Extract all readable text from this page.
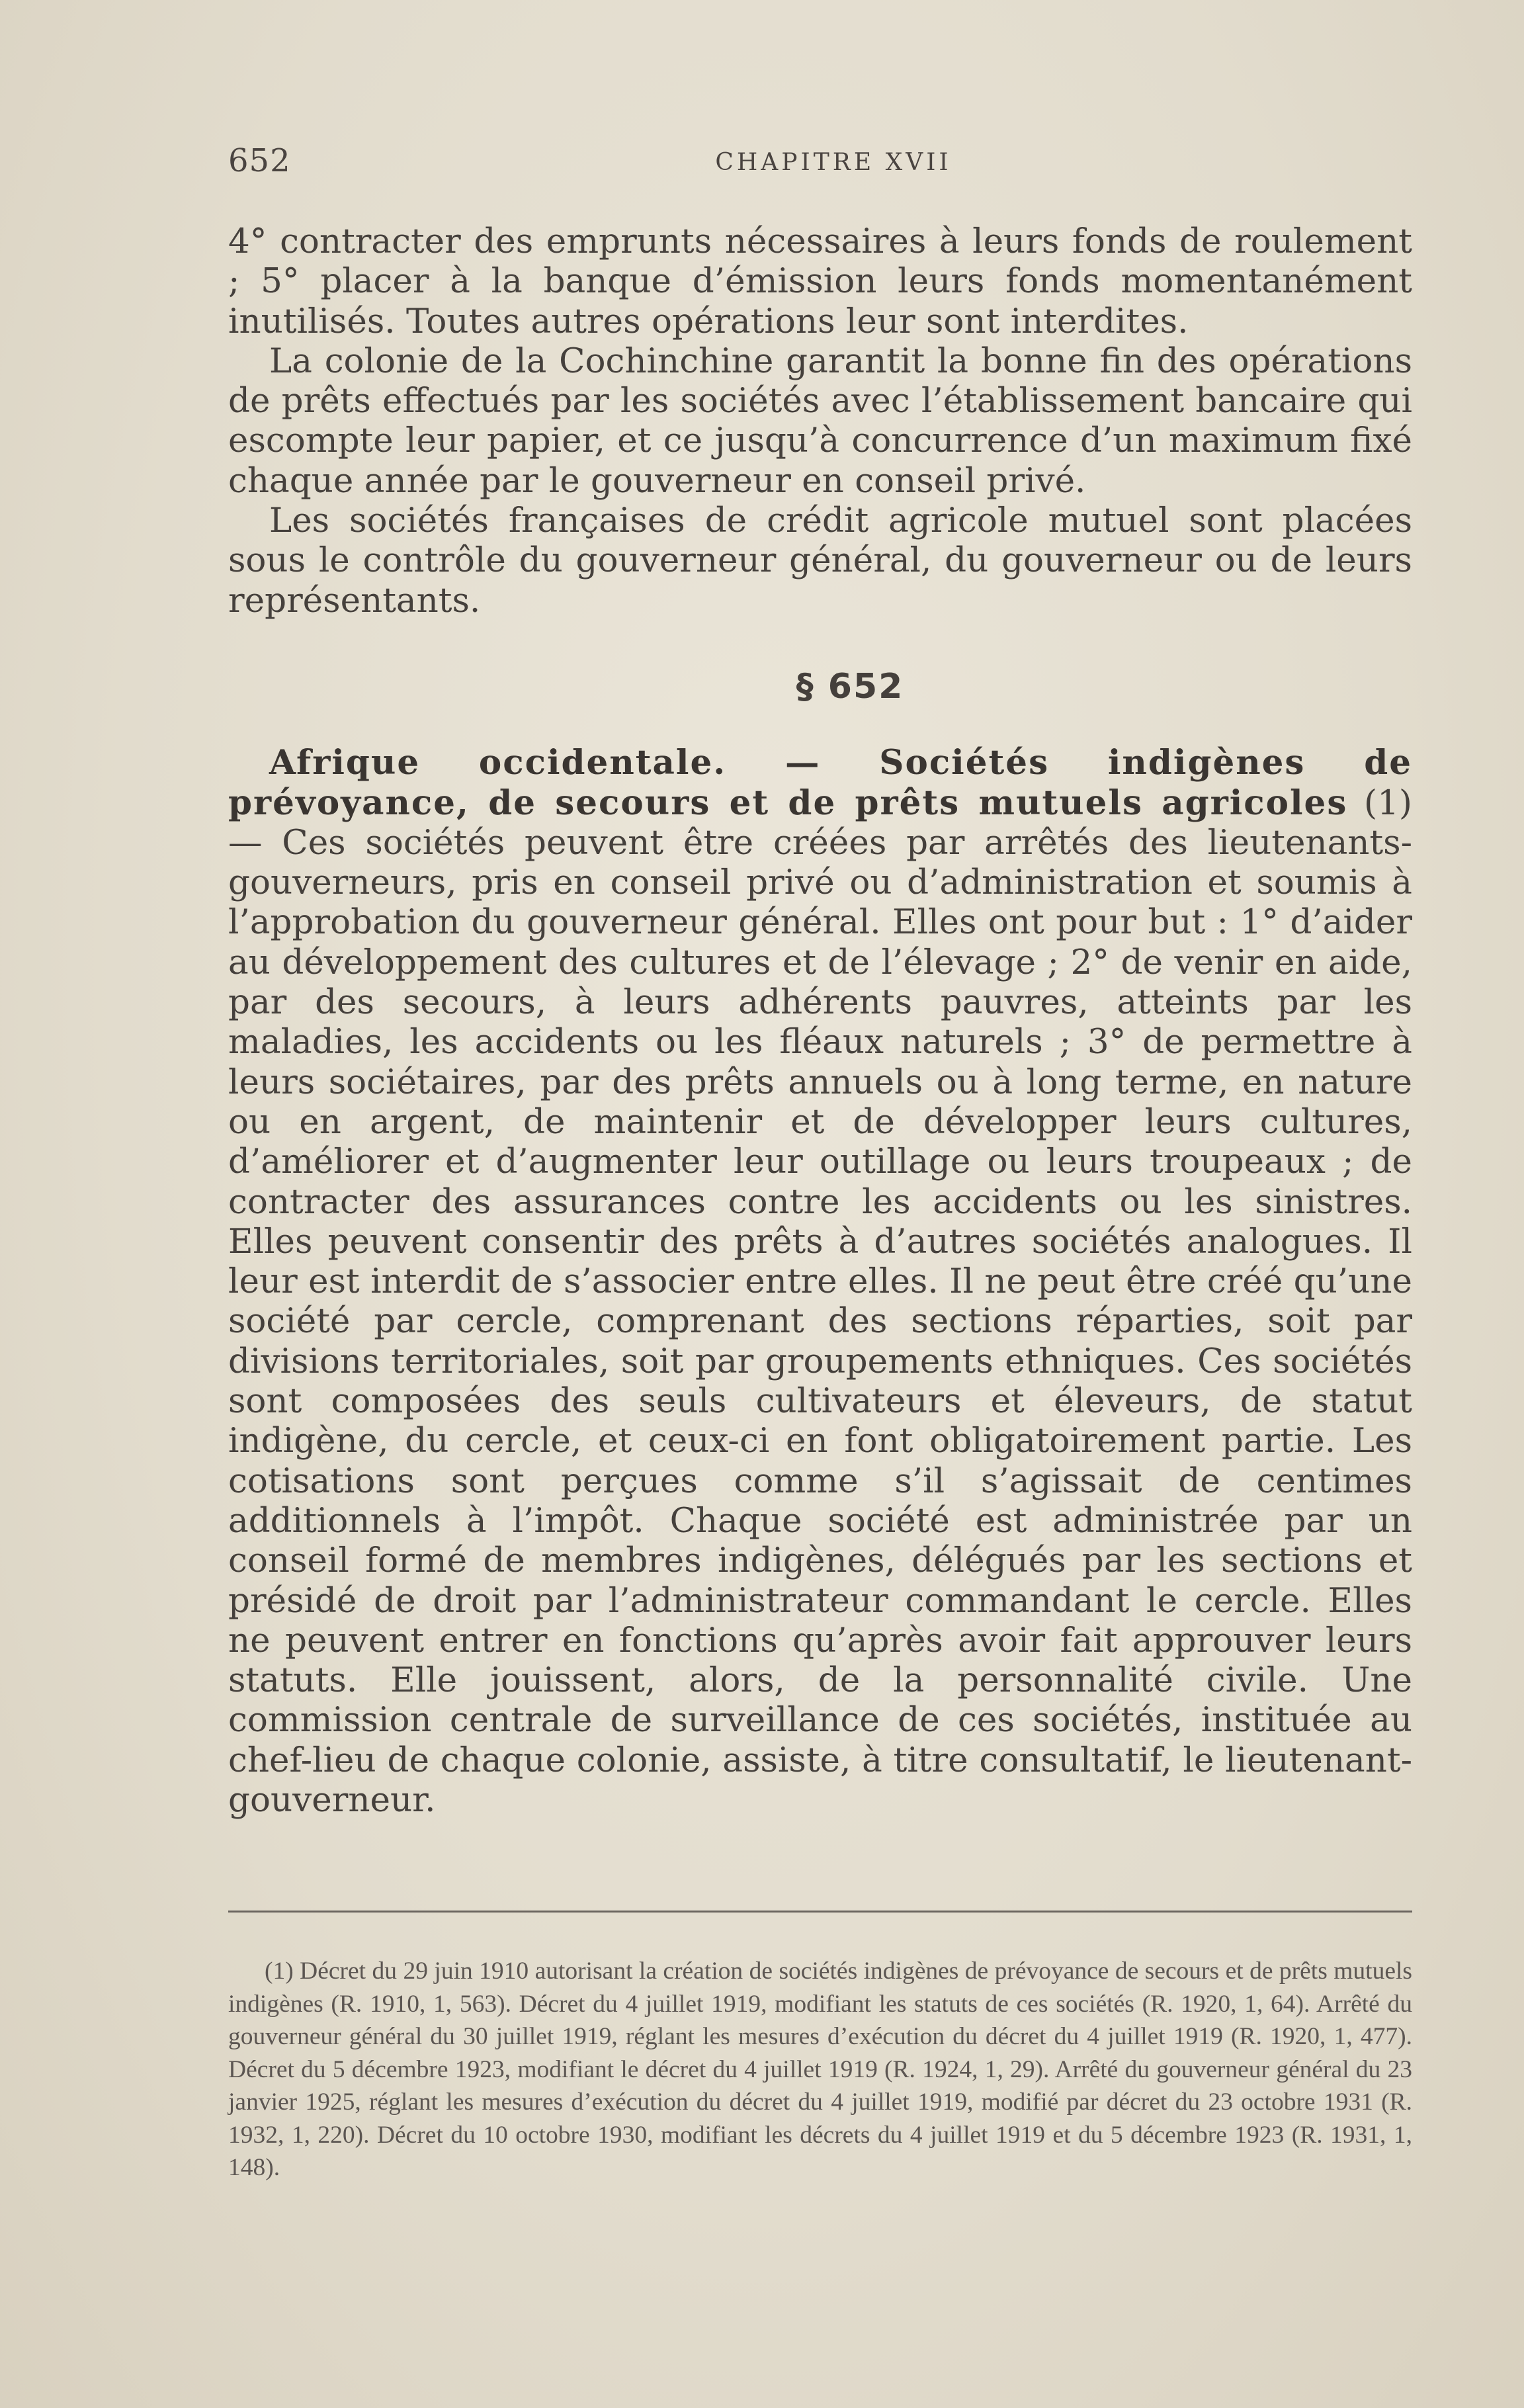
652	CHAPITRE XVII

4° contracter des emprunts nécessaires à leurs fonds de roulement ; 5° placer à la banque d’émission leurs fonds momentanément inutilisés. Toutes autres opérations leur sont interdites.

La colonie de la Cochinchine garantit la bonne fin des opérations de prêts effectués par les sociétés avec l’établissement bancaire qui escompte leur papier, et ce jusqu’à concurrence d’un maximum fixé chaque année par le gouverneur en conseil privé.

Les sociétés françaises de crédit agricole mutuel sont placées sous le contrôle du gouverneur général, du gouverneur ou de leurs représentants.

§ 652

Afrique occidentale. — Sociétés indigènes de prévoyance, de secours et de prêts mutuels agricoles (1) — Ces sociétés peuvent être créées par arrêtés des lieutenants-gouverneurs, pris en conseil privé ou d’administration et soumis à l’approbation du gouverneur général. Elles ont pour but : 1° d’aider au développement des cultures et de l’élevage ; 2° de venir en aide, par des secours, à leurs adhérents pauvres, atteints par les maladies, les accidents ou les fléaux naturels ; 3° de permettre à leurs sociétaires, par des prêts annuels ou à long terme, en nature ou en argent, de maintenir et de développer leurs cultures, d’améliorer et d’augmenter leur outillage ou leurs troupeaux ; de contracter des assurances contre les accidents ou les sinistres. Elles peuvent consentir des prêts à d’autres sociétés analogues. Il leur est interdit de s’associer entre elles. Il ne peut être créé qu’une société par cercle, comprenant des sections réparties, soit par divisions territoriales, soit par groupements ethniques. Ces sociétés sont composées des seuls cultivateurs et éleveurs, de statut indigène, du cercle, et ceux-ci en font obligatoirement partie. Les cotisations sont perçues comme s’il s’agissait de centimes additionnels à l’impôt. Chaque société est administrée par un conseil formé de membres indigènes, délégués par les sections et présidé de droit par l’administrateur commandant le cercle. Elles ne peuvent entrer en fonctions qu’après avoir fait approuver leurs statuts. Elle jouissent, alors, de la personnalité civile. Une commission centrale de surveillance de ces sociétés, instituée au chef-lieu de chaque colonie, assiste, à titre consultatif, le lieutenant-gouverneur.

(1) Décret du 29 juin 1910 autorisant la création de sociétés indigènes de prévoyance de secours et de prêts mutuels indigènes (R. 1910, 1, 563). Décret du 4 juillet 1919, modifiant les statuts de ces sociétés (R. 1920, 1, 64). Arrêté du gouverneur général du 30 juillet 1919, réglant les mesures d’exécution du décret du 4 juillet 1919 (R. 1920, 1, 477). Décret du 5 décembre 1923, modifiant le décret du 4 juillet 1919 (R. 1924, 1, 29). Arrêté du gouverneur général du 23 janvier 1925, réglant les mesures d’exécution du décret du 4 juillet 1919, modifié par décret du 23 octobre 1931 (R. 1932, 1, 220). Décret du 10 octobre 1930, modifiant les décrets du 4 juillet 1919 et du 5 décembre 1923 (R. 1931, 1, 148).
